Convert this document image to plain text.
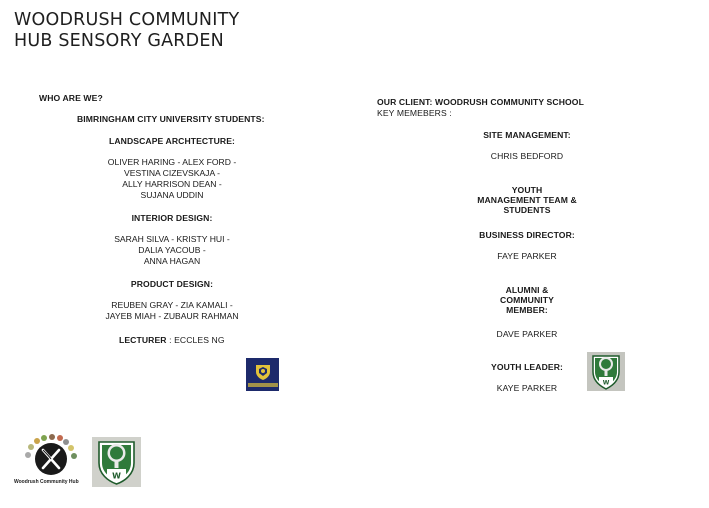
WOODRUSH COMMUNITY
HUB SENSORY GARDEN
WHO ARE WE?
BIMRINGHAM CITY UNIVERSITY STUDENTS:
LANDSCAPE ARCHTECTURE:
OLIVER HARING - ALEX FORD -
VESTINA CIZEVSKAJA -
ALLY HARRISON DEAN -
SUJANA UDDIN
INTERIOR DESIGN:
SARAH SILVA - KRISTY HUI -
DALIA YACOUB -
ANNA HAGAN
PRODUCT DESIGN:
REUBEN GRAY - ZIA KAMALI -
JAYEB MIAH - ZUBAUR RAHMAN
LECTURER : ECCLES NG
OUR CLIENT: WOODRUSH COMMUNITY SCHOOL
KEY MEMEBERS :
SITE MANAGEMENT:
CHRIS BEDFORD
YOUTH
MANAGEMENT TEAM &
STUDENTS
BUSINESS DIRECTOR:
FAYE PARKER
ALUMNI &
COMMUNITY
MEMBER:
DAVE PARKER
YOUTH LEADER:
KAYE PARKER	W
Woodrush Community Hub
W
